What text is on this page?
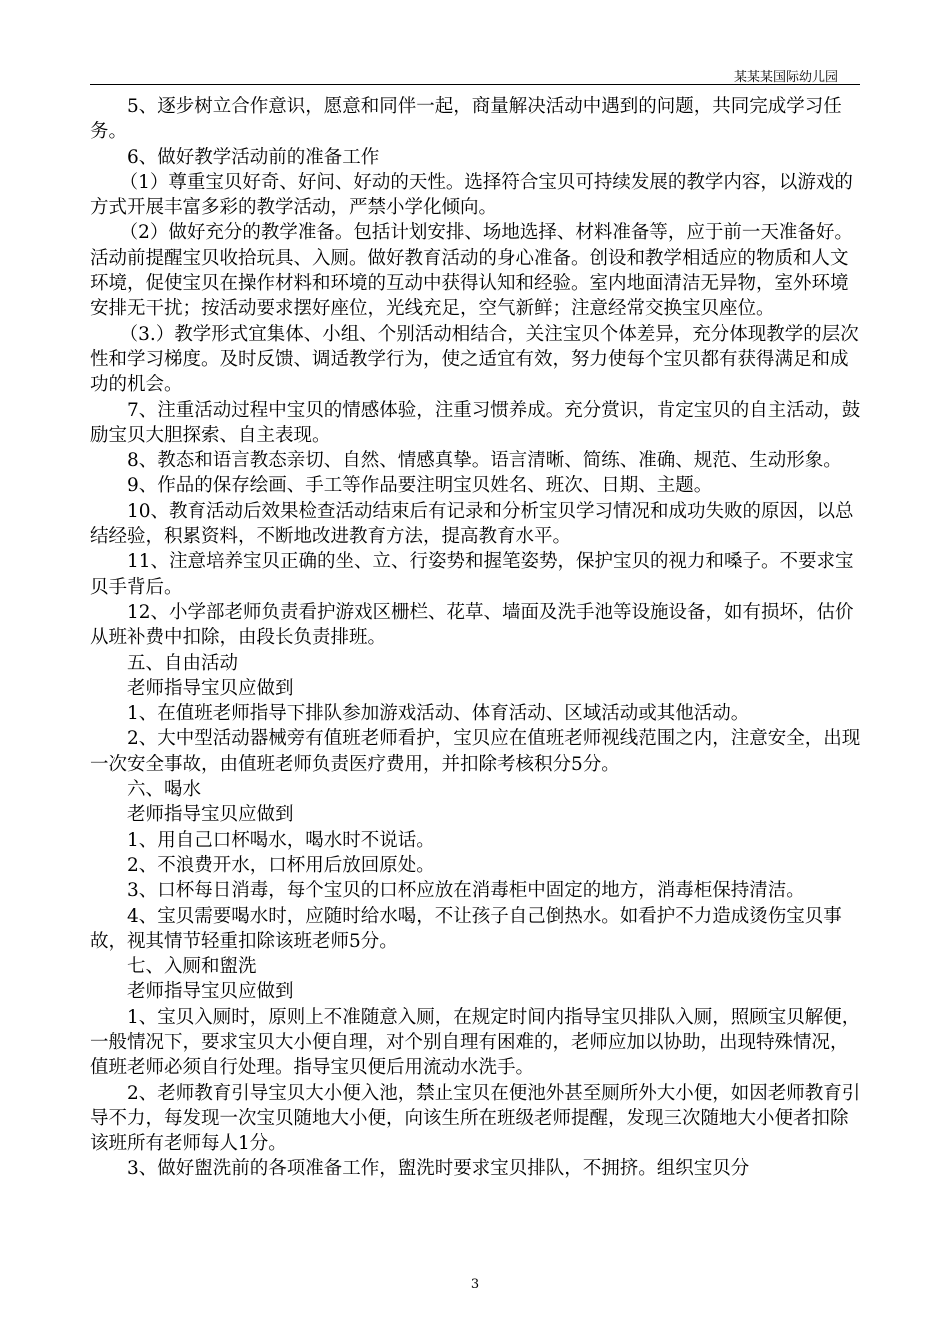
某某某国际幼儿园

5、逐步树立合作意识，愿意和同伴一起，商量解决活动中遇到的问题，共同完成学习任务。

6、做好教学活动前的准备工作

（1）尊重宝贝好奇、好问、好动的天性。选择符合宝贝可持续发展的教学内容，以游戏的方式开展丰富多彩的教学活动，严禁小学化倾向。

（2）做好充分的教学准备。包括计划安排、场地选择、材料准备等，应于前一天准备好。活动前提醒宝贝收拾玩具、入厕。做好教育活动的身心准备。创设和教学相适应的物质和人文环境，促使宝贝在操作材料和环境的互动中获得认知和经验。室内地面清洁无异物，室外环境安排无干扰；按活动要求摆好座位，光线充足，空气新鲜；注意经常交换宝贝座位。

（3.）教学形式宜集体、小组、个别活动相结合，关注宝贝个体差异，充分体现教学的层次性和学习梯度。及时反馈、调适教学行为，使之适宜有效，努力使每个宝贝都有获得满足和成功的机会。

7、注重活动过程中宝贝的情感体验，注重习惯养成。充分赏识，肯定宝贝的自主活动，鼓励宝贝大胆探索、自主表现。

8、教态和语言教态亲切、自然、情感真挚。语言清晰、简练、准确、规范、生动形象。

9、作品的保存绘画、手工等作品要注明宝贝姓名、班次、日期、主题。

10、教育活动后效果检查活动结束后有记录和分析宝贝学习情况和成功失败的原因，以总结经验，积累资料，不断地改进教育方法，提高教育水平。

11、注意培养宝贝正确的坐、立、行姿势和握笔姿势，保护宝贝的视力和嗓子。不要求宝贝手背后。

12、小学部老师负责看护游戏区栅栏、花草、墙面及洗手池等设施设备，如有损坏，估价从班补费中扣除，由段长负责排班。

五、自由活动

老师指导宝贝应做到

1、在值班老师指导下排队参加游戏活动、体育活动、区域活动或其他活动。

2、大中型活动器械旁有值班老师看护，宝贝应在值班老师视线范围之内，注意安全，出现一次安全事故，由值班老师负责医疗费用，并扣除考核积分5分。

六、喝水

老师指导宝贝应做到

1、用自己口杯喝水，喝水时不说话。

2、不浪费开水，口杯用后放回原处。

3、口杯每日消毒，每个宝贝的口杯应放在消毒柜中固定的地方，消毒柜保持清洁。

4、宝贝需要喝水时，应随时给水喝，不让孩子自己倒热水。如看护不力造成烫伤宝贝事故，视其情节轻重扣除该班老师5分。

七、入厕和盥洗

老师指导宝贝应做到

1、宝贝入厕时，原则上不准随意入厕，在规定时间内指导宝贝排队入厕，照顾宝贝解便，一般情况下，要求宝贝大小便自理，对个别自理有困难的，老师应加以协助，出现特殊情况，值班老师必须自行处理。指导宝贝便后用流动水洗手。

2、老师教育引导宝贝大小便入池，禁止宝贝在便池外甚至厕所外大小便，如因老师教育引导不力，每发现一次宝贝随地大小便，向该生所在班级老师提醒，发现三次随地大小便者扣除该班所有老师每人1分。

3、做好盥洗前的各项准备工作，盥洗时要求宝贝排队，不拥挤。组织宝贝分

3
